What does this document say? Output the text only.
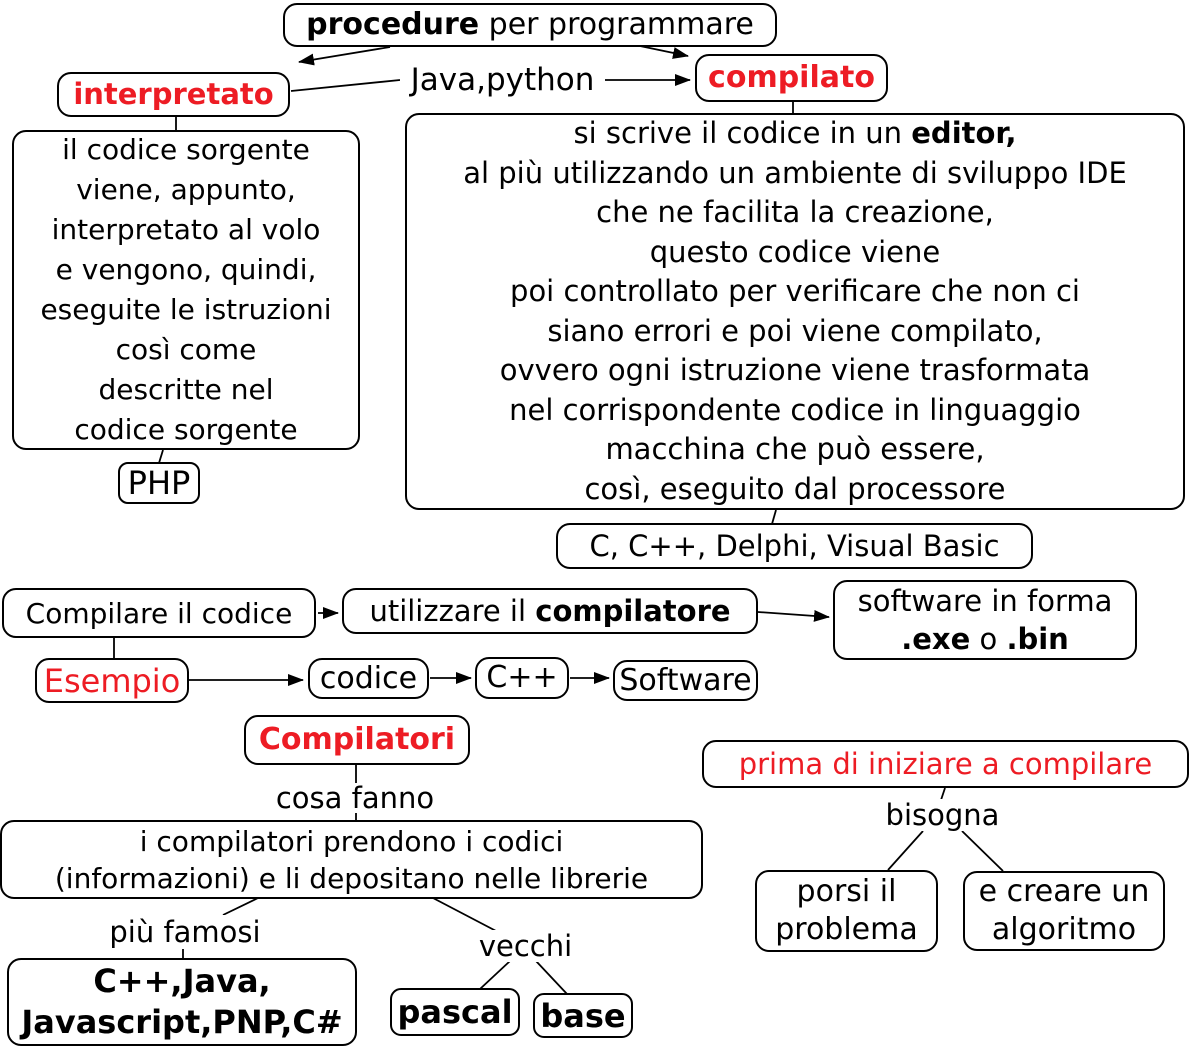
procedure per programmare
interpretato	compilato
Java,python
il codice sorgente
viene, appunto,
interpretato al volo
e vengono, quindi,
eseguite le istruzioni
così come
descritte nel
codice sorgente
PHP
si scrive il codice in un editor,
al più utilizzando un ambiente di sviluppo IDE
che ne facilita la creazione,
questo codice viene
poi controllato per verificare che non ci
siano errori e poi viene compilato,
ovvero ogni istruzione viene trasformata
nel corrispondente codice in linguaggio
macchina che può essere,
così, eseguito dal processore
C, C++, Delphi, Visual Basic
Compilare il codice	utilizzare il compilatore	software in forma
.exe o .bin
Esempio	codice C++ Software
Compilatori
cosa fanno
i compilatori prendono i codici
(informazioni) e li depositano nelle librerie
più famosi	vecchi
C++,Java,
Javascript,PNP,C# pascal base
prima di iniziare a compilare
bisogna
porsi il
problema
e creare un
algoritmo
